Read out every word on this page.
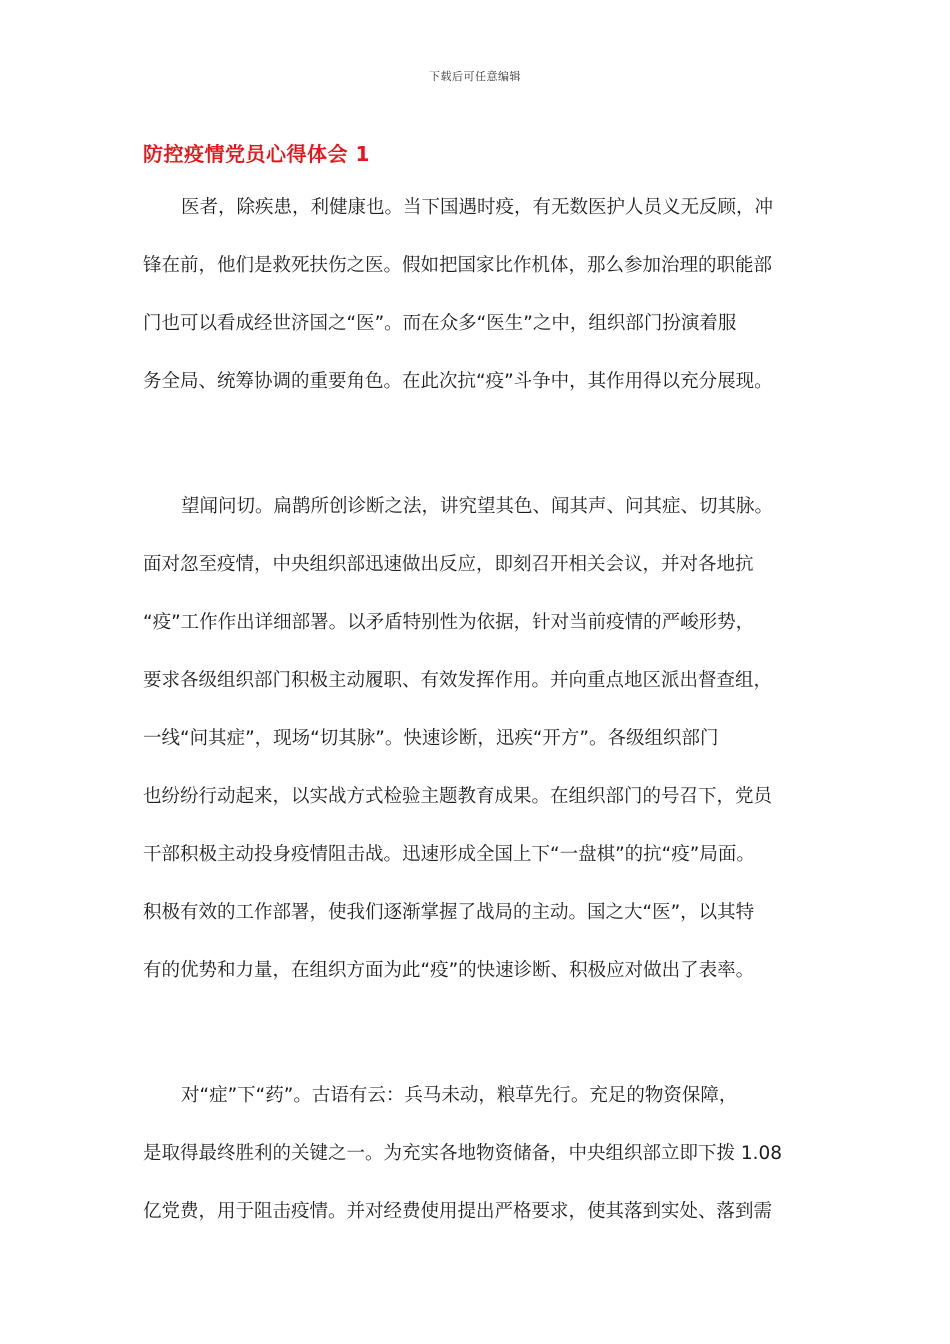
下载后可任意编辑
防控疫情党员心得体会 1
医者，除疾患，利健康也。当下国遇时疫，有无数医护人员义无反顾，冲
锋在前，他们是救死扶伤之医。假如把国家比作机体，那么参加治理的职能部
门也可以看成经世济国之“医”。而在众多“医生”之中，组织部门扮演着服
务全局、统筹协调的重要角色。在此次抗“疫”斗争中，其作用得以充分展现。
望闻问切。扁鹊所创诊断之法，讲究望其色、闻其声、问其症、切其脉。
面对忽至疫情，中央组织部迅速做出反应，即刻召开相关会议，并对各地抗
“疫”工作作出详细部署。以矛盾特别性为依据，针对当前疫情的严峻形势，
要求各级组织部门积极主动履职、有效发挥作用。并向重点地区派出督查组，
一线“问其症”，现场“切其脉”。快速诊断，迅疾“开方”。各级组织部门
也纷纷行动起来，以实战方式检验主题教育成果。在组织部门的号召下，党员
干部积极主动投身疫情阻击战。迅速形成全国上下“一盘棋”的抗“疫”局面。
积极有效的工作部署，使我们逐渐掌握了战局的主动。国之大“医”，以其特
有的优势和力量，在组织方面为此“疫”的快速诊断、积极应对做出了表率。
对“症”下“药”。古语有云：兵马未动，粮草先行。充足的物资保障，
是取得最终胜利的关键之一。为充实各地物资储备，中央组织部立即下拨 1.08
亿党费，用于阻击疫情。并对经费使用提出严格要求，使其落到实处、落到需
